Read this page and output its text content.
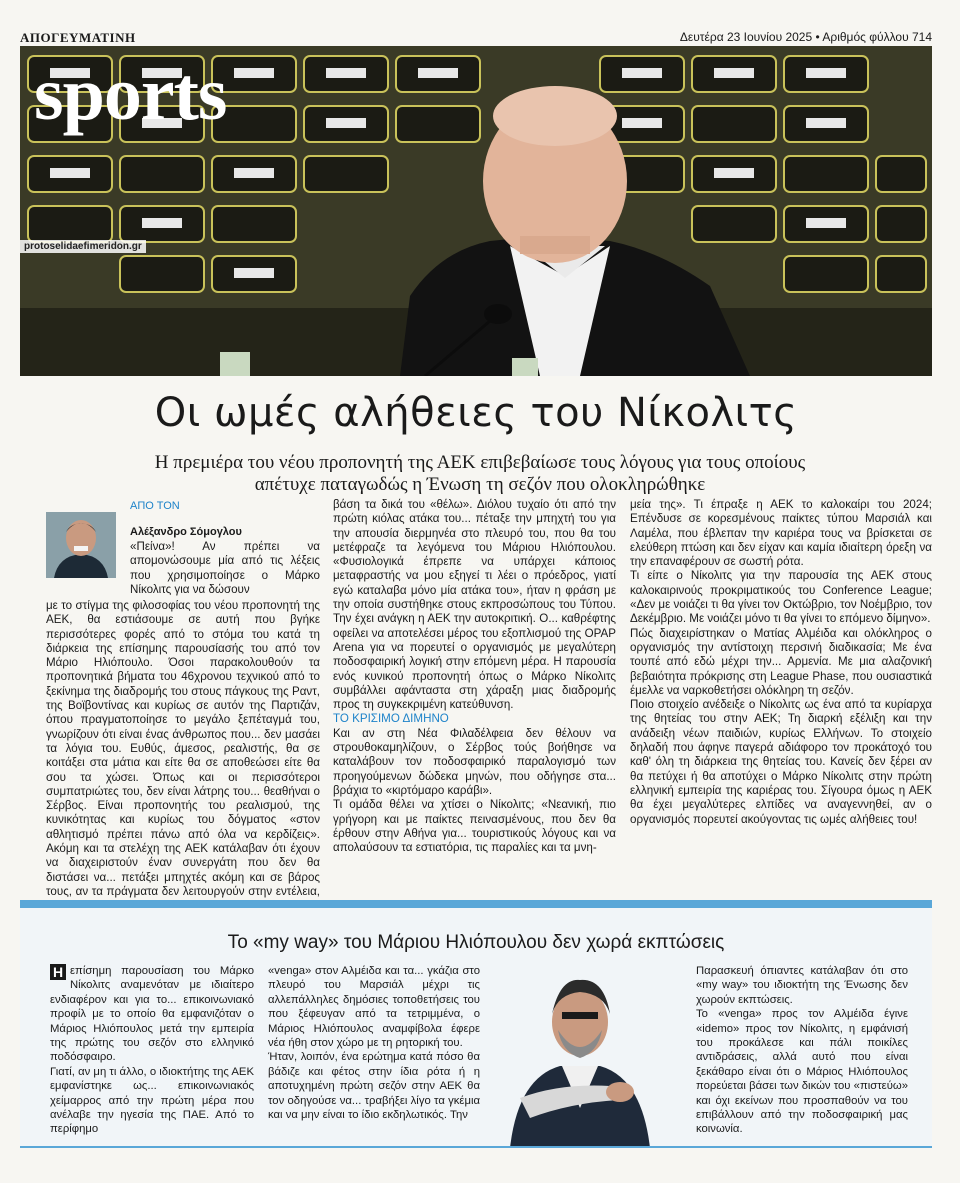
ΑΠΟΓΕΥΜΑΤΙΝΗ	Δευτέρα 23 Ιουνίου 2025 • Αριθμός φύλλου 714
sports
protoselidaefimeridon.gr
Οι ωμές αλήθειες του Νίκολιτς
Η πρεμιέρα του νέου προπονητή της ΑΕΚ επιβεβαίωσε τους λόγους για τους οποίους απέτυχε παταγωδώς η Ένωση τη σεζόν που ολοκληρώθηκε
ΑΠΟ ΤΟΝ
Αλέξανδρο Σόμογλου

«Πείνα»! Αν πρέπει να απομονώσουμε μία από τις λέξεις που χρησιμοποίησε ο Μάρκο Νίκολιτς για να δώσουν

με το στίγμα της φιλοσοφίας του νέου προπονητή της ΑΕΚ, θα εστιάσουμε σε αυτή που βγήκε περισσότερες φορές από το στόμα του κατά τη διάρκεια της επίσημης παρουσίασής του από τον Μάριο Ηλιόπουλο. Όσοι παρακολουθούν τα προπονητικά βήματα του 46χρονου τεχνικού από το ξεκίνημα της διαδρομής του στους πάγκους της Ραντ, της Βοϊβοντίνας και κυρίως σε αυτόν της Παρτιζάν, όπου πραγματοποίησε το μεγάλο ξεπέταγμά του, γνωρίζουν ότι είναι ένας άνθρωπος που... δεν μασάει τα λόγια του. Ευθύς, άμεσος, ρεαλιστής, θα σε κοιτάξει στα μάτια και είτε θα σε αποθεώσει είτε θα σου τα χώσει. Όπως και οι περισσότεροι συμπατριώτες του, δεν είναι λάτρης του... θεαθήναι ο Σέρβος. Είναι προπονητής του ρεαλισμού, της κυνικότητας και κυρίως του δόγματος «στον αθλητισμό πρέπει πάνω από όλα να κερδίζεις». Ακόμη και τα στελέχη της ΑΕΚ κατάλαβαν ότι έχουν να διαχειριστούν έναν συνεργάτη που δεν θα διστάσει να... πετάξει μπηχτές ακόμη και σε βάρος τους, αν τα πράγματα δεν λειτουργούν στην εντέλεια,

βάση τα δικά του «θέλω». Διόλου τυχαίο ότι από την πρώτη κιόλας ατάκα του... πέταξε την μπηχτή του για την απουσία διερμηνέα στο πλευρό του, που θα του μετέφραζε τα λεγόμενα του Μάριου Ηλιόπουλου. «Φυσιολογικά έπρεπε να υπάρχει κάποιος μεταφραστής να μου εξηγεί τι λέει ο πρόεδρος, γιατί εγώ καταλαβα μόνο μία ατάκα του», ήταν η φράση με την οποία συστήθηκε στους εκπροσώπους του Τύπου. Την έχει ανάγκη η ΑΕΚ την αυτοκριτική. Ο... καθρέφτης οφείλει να αποτελέσει μέρος του εξοπλισμού της OPAP Arena για να πορευτεί ο οργανισμός με μεγαλύτερη ποδοσφαιρική λογική στην επόμενη μέρα. Η παρουσία ενός κυνικού προπονητή όπως ο Μάρκο Νίκολιτς συμβάλλει αφάνταστα στη χάραξη μιας διαδρομής προς τη συγκεκριμένη κατεύθυνση.

ΤΟ ΚΡΙΣΙΜΟ ΔΙΜΗΝΟ

Και αν στη Νέα Φιλαδέλφεια δεν θέλουν να στρουθοκαμηλίζουν, ο Σέρβος τούς βοήθησε να καταλάβουν τον ποδοσφαιρικό παραλογισμό των προηγούμενων δώδεκα μηνών, που οδήγησε στα... βράχια το «κιρτόμαρο καράβι».

Τι ομάδα θέλει να χτίσει ο Νίκολιτς; «Νεανική, πιο γρήγορη και με παίκτες πεινασμένους, που δεν θα έρθουν στην Αθήνα για... τουριστικούς λόγους και να απολαύσουν τα εστιατόρια, τις παραλίες και τα μνη-

μεία της». Τι έπραξε η ΑΕΚ το καλοκαίρι του 2024; Επένδυσε σε κορεσμένους παίκτες τύπου Μαρσιάλ και Λαμέλα, που έβλεπαν την καριέρα τους να βρίσκεται σε ελεύθερη πτώση και δεν είχαν και καμία ιδιαίτερη όρεξη να την επαναφέρουν σε σωστή ρότα.

Τι είπε ο Νίκολιτς για την παρουσία της ΑΕΚ στους καλοκαιρινούς προκριματικούς του Conference League; «Δεν με νοιάζει τι θα γίνει τον Οκτώβριο, τον Νοέμβριο, τον Δεκέμβριο. Με νοιάζει μόνο τι θα γίνει το επόμενο δίμηνο».

Πώς διαχειρίστηκαν ο Ματίας Αλμέιδα και ολόκληρος ο οργανισμός την αντίστοιχη περσινή διαδικασία; Με ένα τουπέ από εδώ μέχρι την... Αρμενία. Με μια αλαζονική βεβαιότητα πρόκρισης στη League Phase, που ουσιαστικά έμελλε να ναρκοθετήσει ολόκληρη τη σεζόν.

Ποιο στοιχείο ανέδειξε ο Νίκολιτς ως ένα από τα κυρίαρχα της θητείας του στην ΑΕΚ; Τη διαρκή εξέλιξη και την ανάδειξη νέων παιδιών, κυρίως Ελλήνων. Το στοιχείο δηλαδή που άφηνε παγερά αδιάφορο τον προκάτοχό του καθ' όλη τη διάρκεια της θητείας του. Κανείς δεν ξέρει αν θα πετύχει ή θα αποτύχει ο Μάρκο Νίκολιτς στην πρώτη ελληνική εμπειρία της καριέρας του. Σίγουρα όμως η ΑΕΚ θα έχει μεγαλύτερες ελπίδες να αναγεννηθεί, αν ο οργανισμός πορευτεί ακούγοντας τις ωμές αλήθειες του!

Το «my way» του Μάριου Ηλιόπουλου δεν χωρά εκπτώσεις

Η επίσημη παρουσίαση του Μάρκο Νίκολιτς αναμενόταν με ιδιαίτερο ενδιαφέρον και για το... επικοινωνιακό προφίλ με το οποίο θα εμφανιζόταν ο Μάριος Ηλιόπουλος μετά την εμπειρία της πρώτης του σεζόν στο ελληνικό ποδόσφαιρο.

Γιατί, αν μη τι άλλο, ο ιδιοκτήτης της ΑΕΚ εμφανίστηκε ως... επικοινωνιακός χείμαρρος από την πρώτη μέρα που ανέλαβε την ηγεσία της ΠΑΕ. Από το περίφημο

«venga» στον Αλμέιδα και τα... γκάζια στο πλευρό του Μαρσιάλ μέχρι τις αλλεπάλληλες δημόσιες τοποθετήσεις του που ξέφευγαν από τα τετριμμένα, ο Μάριος Ηλιόπουλος αναμφίβολα έφερε νέα ήθη στον χώρο με τη ρητορική του.

Ήταν, λοιπόν, ένα ερώτημα κατά πόσο θα βάδιζε και φέτος στην ίδια ρότα ή η αποτυχημένη πρώτη σεζόν στην ΑΕΚ θα τον οδηγούσε να... τραβήξει λίγο τα γκέμια και να μην είναι το ίδιο εκδηλωτικός. Την

Παρασκευή όπιαντες κατάλαβαν ότι στο «my way» του ιδιοκτήτη της Ένωσης δεν χωρούν εκπτώσεις.

Το «venga» προς τον Αλμέιδα έγινε «idemo» προς τον Νίκολιτς, η εμφάνισή του προκάλεσε και πάλι ποικίλες αντιδράσεις, αλλά αυτό που είναι ξεκάθαρο είναι ότι ο Μάριος Ηλιόπουλος πορεύεται βάσει των δικών του «πιστεύω» και όχι εκείνων που προσπαθούν να του επιβάλλουν από την ποδοσφαιρική μας κοινωνία.
